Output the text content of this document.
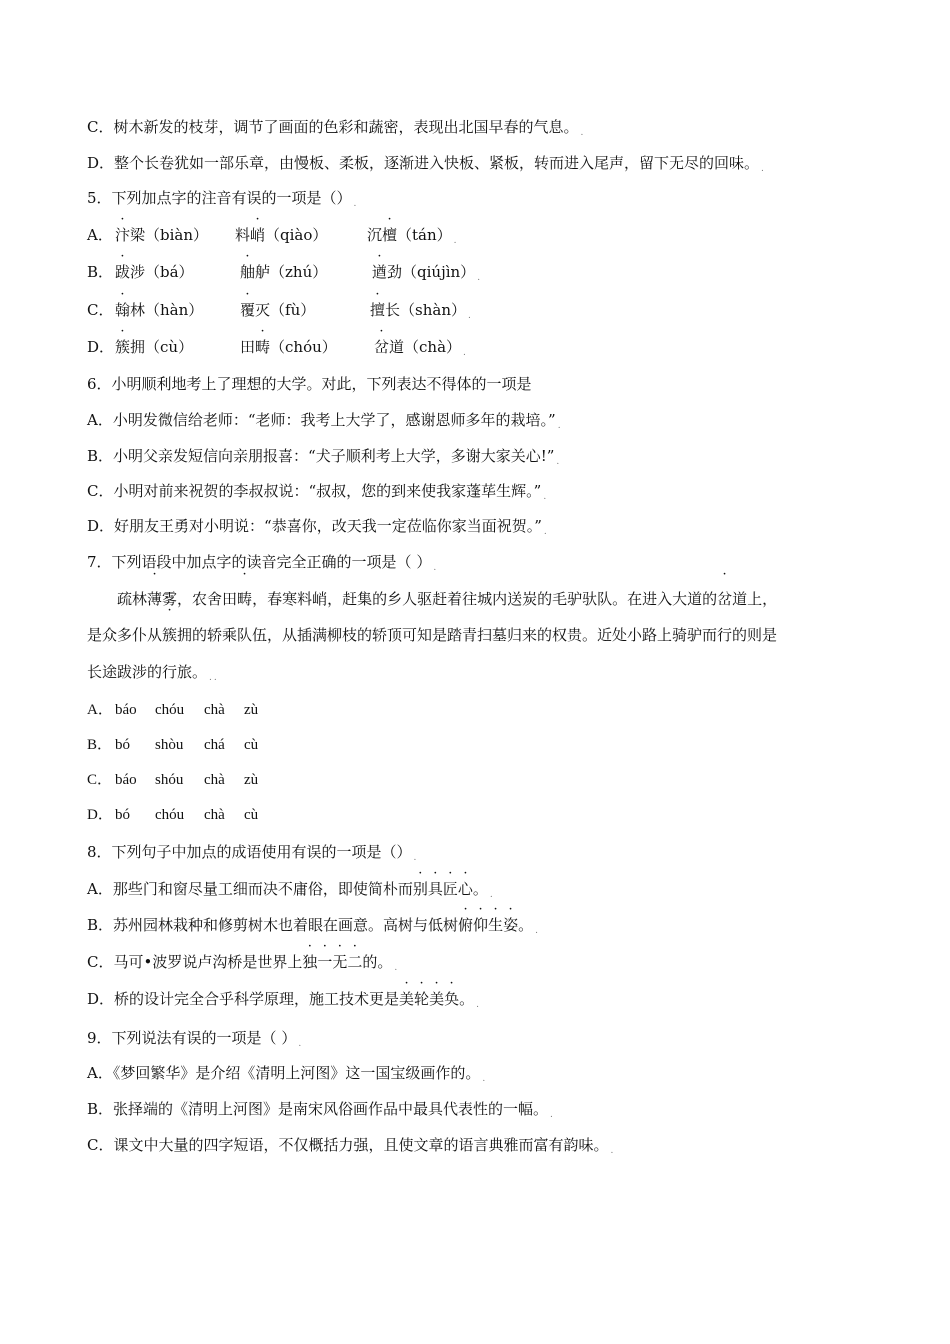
C．树木新发的枝芽，调节了画面的色彩和蔬密，表现出北国早春的气息。 .
D．整个长卷犹如一部乐章，由慢板、柔板，逐渐进入快板、紧板，转而进入尾声，留下无尽的回味。 .
5．下列加点字的注音有误的一项是（） .
A． 汴梁（biàn） 料峭（qiào）	沉檀（tán） .
B． 跋涉（bá）	舳舻（zhú）	遒劲（qiújìn） .
C． 翰林（hàn） 覆灭（fù）	擅长（shàn） .
D． 簇拥（cù）	田畴（chóu） 岔道（chà） .
6．小明顺利地考上了理想的大学。对此，下列表达不得体的一项是
A．小明发微信给老师：“老师：我考上大学了，感谢恩师多年的栽培。” .
B．小明父亲发短信向亲朋报喜：“犬子顺利考上大学，多谢大家关心!” .
C．小明对前来祝贺的李叔叔说：“叔叔，您的到来使我家蓬荜生辉。” .
D．好朋友王勇对小明说：“恭喜你，改天我一定莅临你家当面祝贺。” .
7．下列语段中加点字的读音完全正确的一项是（ ） .
疏林薄雾，农舍田畴，春寒料峭，赶集的乡人驱赶着往城内送炭的毛驴驮队。在进入大道的岔道上，
是众多仆从簇拥的轿乘队伍，从插满柳枝的轿顶可知是踏青扫墓归来的权贵。近处小路上骑驴而行的则是
长途跋涉的行旅。 . .
A． báo chóu chà zù
B． bó shòu chá cù
C． báo shóu chà zù
D． bó chóu chà cù
8．下列句子中加点的成语使用有误的一项是（） .
A．那些门和窗尽量工细而决不庸俗，即使简朴而别具匠心。 .
B．苏州园林栽种和修剪树木也着眼在画意。高树与低树俯仰生姿。 .
C．马可•波罗说卢沟桥是世界上独一无二的。 .
D．桥的设计完全合乎科学原理，施工技术更是美轮美奂。 .
9．下列说法有误的一项是（ ） .
A．《梦回繁华》是介绍《清明上河图》这一国宝级画作的。 .
B．张择端的《清明上河图》是南宋风俗画作品中最具代表性的一幅。 .
C．课文中大量的四字短语，不仅概括力强，且使文章的语言典雅而富有韵味。 .
